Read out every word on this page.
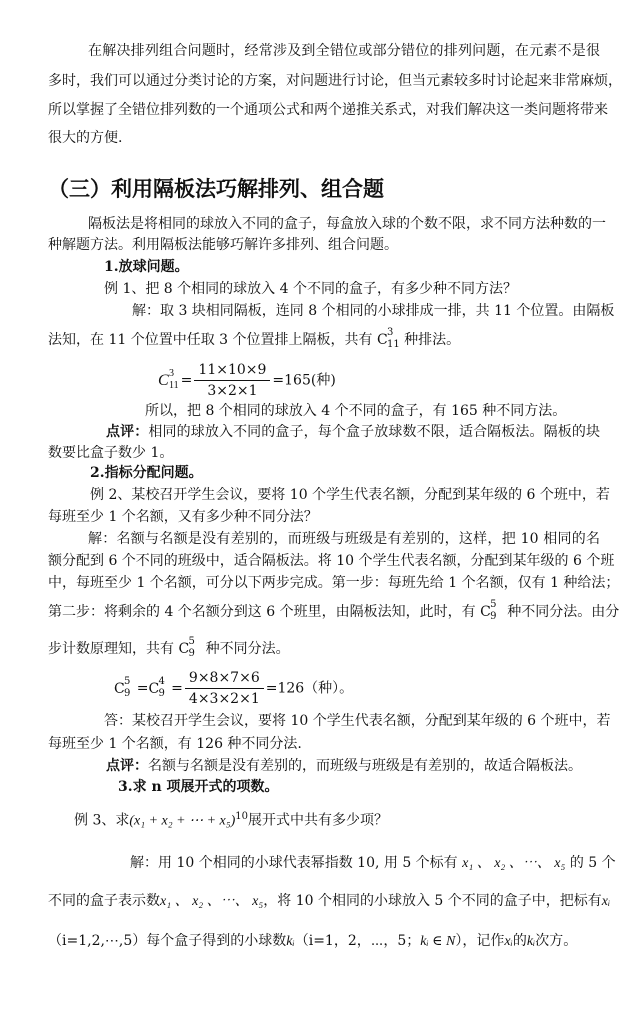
在解决排列组合问题时，经常涉及到全错位或部分错位的排列问题，在元素不是很
多时，我们可以通过分类讨论的方案，对问题进行讨论，但当元素较多时讨论起来非常麻烦，
所以掌握了全错位排列数的一个通项公式和两个递推关系式，对我们解决这一类问题将带来
很大的方便.
（三）利用隔板法巧解排列、组合题
隔板法是将相同的球放入不同的盒子，每盒放入球的个数不限，求不同方法种数的一
种解题方法。利用隔板法能够巧解许多排列、组合问题。
1.放球问题。
例 1、把 8 个相同的球放入 4 个不同的盒子，有多少种不同方法？
解：取 3 块相同隔板，连同 8 个相同的小球排成一排，共 11 个位置。由隔板
法知，在 11 个位置中任取 3 个位置排上隔板，共有 C 3
11 种排法。
C 3
$11 = \frac{11\times 10\times 9}{3\times 2\times 1} =165$(种)
所以，把 8 个相同的球放入 4 个不同的盒子，有 165 种不同方法。
点评：相同的球放入不同的盒子，每个盒子放球数不限，适合隔板法。隔板的块
数要比盒子数少 1。
2.指标分配问题。
例 2、某校召开学生会议，要将 10 个学生代表名额，分配到某年级的 6 个班中，若
每班至少 1 个名额，又有多少种不同分法？
解：名额与名额是没有差别的，而班级与班级是有差别的，这样，把 10 相同的名
额分配到 6 个不同的班级中，适合隔板法。将 10 个学生代表名额，分配到某年级的 6 个班
中，每班至少 1 个名额，可分以下两步完成。第一步：每班先给 1 个名额，仅有 1 种给法；
第二步：将剩余的 4 个名额分到这 6 个班里，由隔板法知，此时，有 C 5
9 种不同分法。由分
步计数原理知，共有 C 5
9 种不同分法。
C 5
9 =C 4
$9 = \frac{9\times 8\times 7\times 6}{4\times 3\times 2\times 1} =126$（种）。
答：某校召开学生会议，要将 10 个学生代表名额，分配到某年级的 6 个班中，若
每班至少 1 个名额，有 126 种不同分法.
点评：名额与名额是没有差别的，而班级与班级是有差别的，故适合隔板法。
3.求 n 项展开式的项数。
例 3、求(x₁ + x₂ + ⋯ + x₅)$^{10}$展开式中共有多少项？
解：用 10 个相同的小球代表幂指数 10, 用 5 个标有 x₁ 、 x₂ 、⋯、 x₅ 的 5 个
不同的盒子表示数x₁ 、 x₂ 、⋯、 x₅，将 10 个相同的小球放入 5 个不同的盒子中，把标有xᵢ
（i=1,2,⋯,5）每个盒子得到的小球数kᵢ（i=1，2，⋯，5；kᵢ ∈ N），记作xᵢ的kᵢ次方。
